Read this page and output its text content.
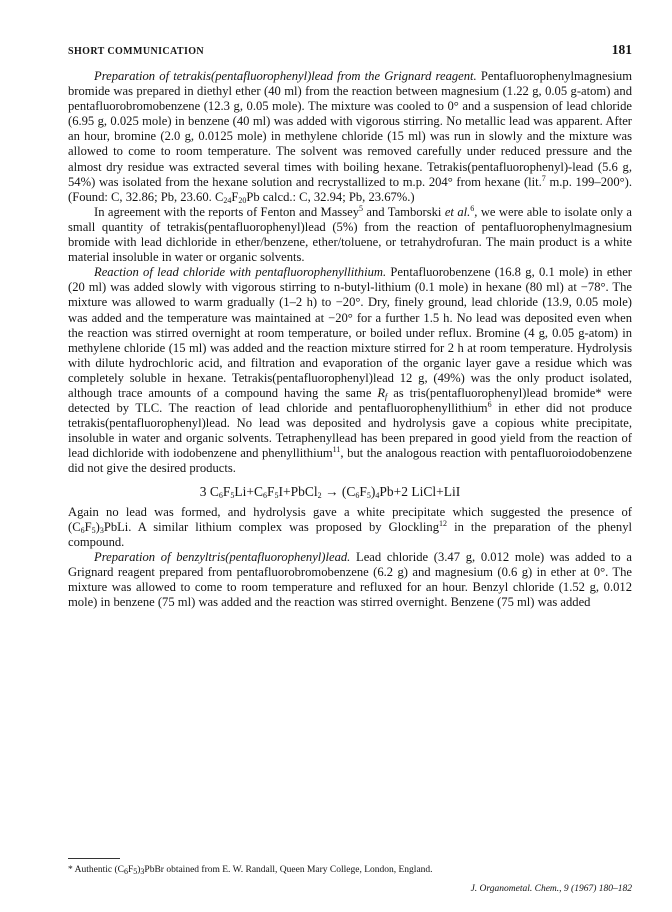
SHORT COMMUNICATION	181

Preparation of tetrakis(pentafluorophenyl)lead from the Grignard reagent. Pentafluorophenylmagnesium bromide was prepared in diethyl ether (40 ml) from the reaction between magnesium (1.22 g, 0.05 g-atom) and pentafluorobromobenzene (12.3 g, 0.05 mole). The mixture was cooled to 0° and a suspension of lead chloride (6.95 g, 0.025 mole) in benzene (40 ml) was added with vigorous stirring. No metallic lead was apparent. After an hour, bromine (2.0 g, 0.0125 mole) in methylene chloride (15 ml) was run in slowly and the mixture was allowed to come to room temperature. The solvent was removed carefully under reduced pressure and the almost dry residue was extracted several times with boiling hexane. Tetrakis(pentafluorophenyl)-lead (5.6 g, 54%) was isolated from the hexane solution and recrystallized to m.p. 204° from hexane (lit.$^7$ m.p. 199–200°). (Found: C, 32.86; Pb, 23.60. $C_{24}F_{20}Pb$ calcd.: C, 32.94; Pb, 23.67%.)

In agreement with the reports of Fenton and Massey$^5$ and Tamborski et al.$^6$, we were able to isolate only a small quantity of tetrakis(pentafluorophenyl)lead (5%) from the reaction of pentafluorophenylmagnesium bromide with lead dichloride in ether/benzene, ether/toluene, or tetrahydrofuran. The main product is a white material insoluble in water or organic solvents.

Reaction of lead chloride with pentafluorophenyllithium. Pentafluorobenzene (16.8 g, 0.1 mole) in ether (20 ml) was added slowly with vigorous stirring to n-butyl-lithium (0.1 mole) in hexane (80 ml) at −78°. The mixture was allowed to warm gradually (1–2 h) to −20°. Dry, finely ground, lead chloride (13.9, 0.05 mole) was added and the temperature was maintained at −20° for a further 1.5 h. No lead was deposited even when the reaction was stirred overnight at room temperature, or boiled under reflux. Bromine (4 g, 0.05 g-atom) in methylene chloride (15 ml) was added and the reaction mixture stirred for 2 h at room temperature. Hydrolysis with dilute hydrochloric acid, and filtration and evaporation of the organic layer gave a residue which was completely soluble in hexane. Tetrakis(pentafluorophenyl)lead 12 g, (49%) was the only product isolated, although trace amounts of a compound having the same $R_f$ as tris(pentafluorophenyl)lead bromide* were detected by TLC. The reaction of lead chloride and pentafluorophenyllithium$^6$ in ether did not produce tetrakis(pentafluorophenyl)lead. No lead was deposited and hydrolysis gave a copious white precipitate, insoluble in water and organic solvents. Tetraphenyllead has been prepared in good yield from the reaction of lead dichloride with iodobenzene and phenyllithium$^{11}$, but the analogous reaction with pentafluoroiodobenzene did not give the desired products.

3 $C_6F_5Li+C_6F_5I+PbCl_2 \to (C_6F_5)_4Pb+2$ LiCl+LiI

Again no lead was formed, and hydrolysis gave a white precipitate which suggested the presence of $(C_6F_5)_3PbLi$. A similar lithium complex was proposed by Glockling$^{12}$ in the preparation of the phenyl compound.

Preparation of benzyltris(pentafluorophenyl)lead. Lead chloride (3.47 g, 0.012 mole) was added to a Grignard reagent prepared from pentafluorobromobenzene (6.2 g) and magnesium (0.6 g) in ether at 0°. The mixture was allowed to come to room temperature and refluxed for an hour. Benzyl chloride (1.52 g, 0.012 mole) in benzene (75 ml) was added and the reaction was stirred overnight. Benzene (75 ml) was added

* Authentic $(C_6F_5)_3PbBr$ obtained from E. W. Randall, Queen Mary College, London, England.
J. Organometal. Chem., 9 (1967) 180–182
